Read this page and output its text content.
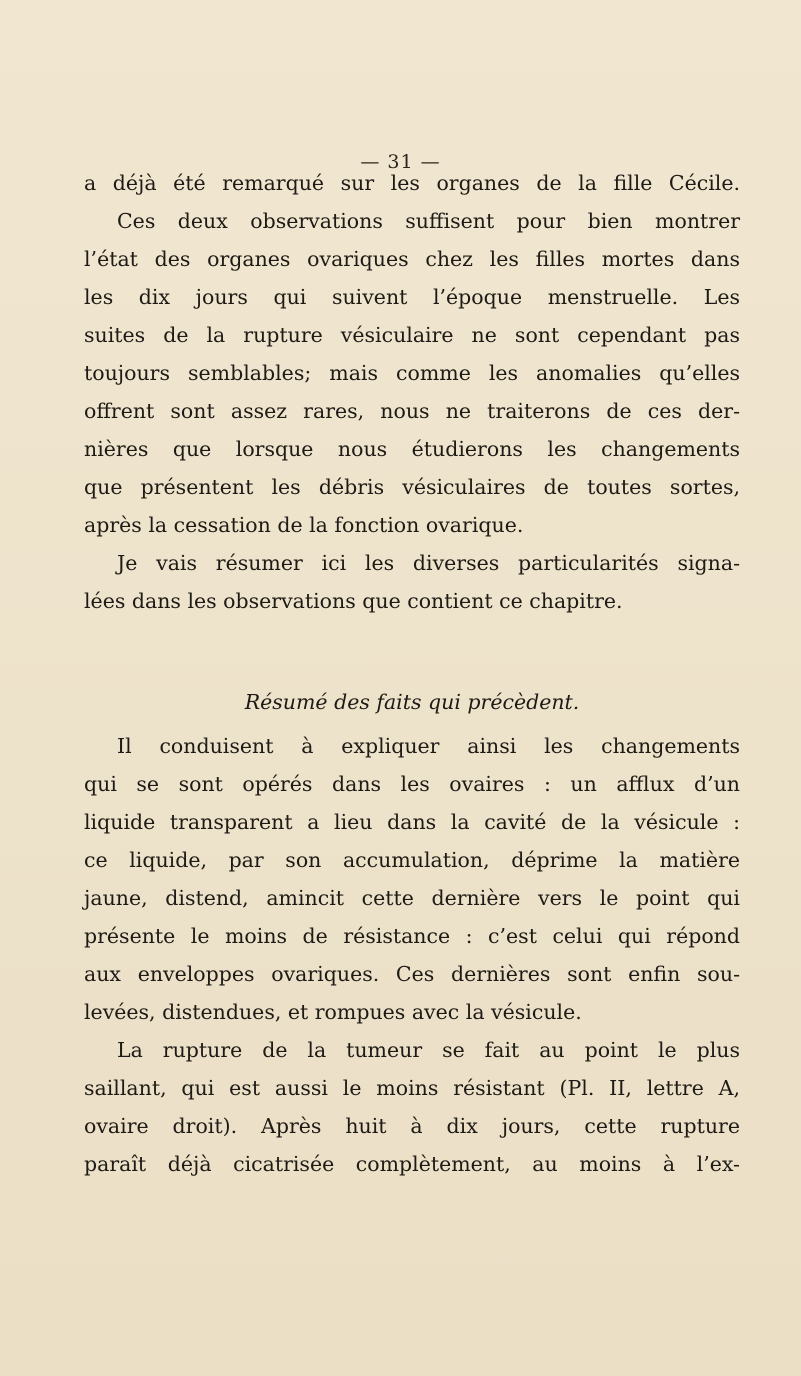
— 31 —
a déjà été remarqué sur les organes de la fille Cécile.
Ces deux observations suffisent pour bien montrer
l’état des organes ovariques chez les filles mortes dans
les dix jours qui suivent l’époque menstruelle. Les
suites de la rupture vésiculaire ne sont cependant pas
toujours semblables; mais comme les anomalies qu’elles
offrent sont assez rares, nous ne traiterons de ces der-
nières que lorsque nous étudierons les changements
que présentent les débris vésiculaires de toutes sortes,
après la cessation de la fonction ovarique.
Je vais résumer ici les diverses particularités signa-
lées dans les observations que contient ce chapitre.
Résumé des faits qui précèdent.
Il conduisent à expliquer ainsi les changements
qui se sont opérés dans les ovaires : un afflux d’un
liquide transparent a lieu dans la cavité de la vésicule :
ce liquide, par son accumulation, déprime la matière
jaune, distend, amincit cette dernière vers le point qui
présente le moins de résistance : c’est celui qui répond
aux enveloppes ovariques. Ces dernières sont enfin sou-
levées, distendues, et rompues avec la vésicule.
La rupture de la tumeur se fait au point le plus
saillant, qui est aussi le moins résistant (Pl. II, lettre A,
ovaire droit). Après huit à dix jours, cette rupture
paraît déjà cicatrisée complètement, au moins à l’ex-
